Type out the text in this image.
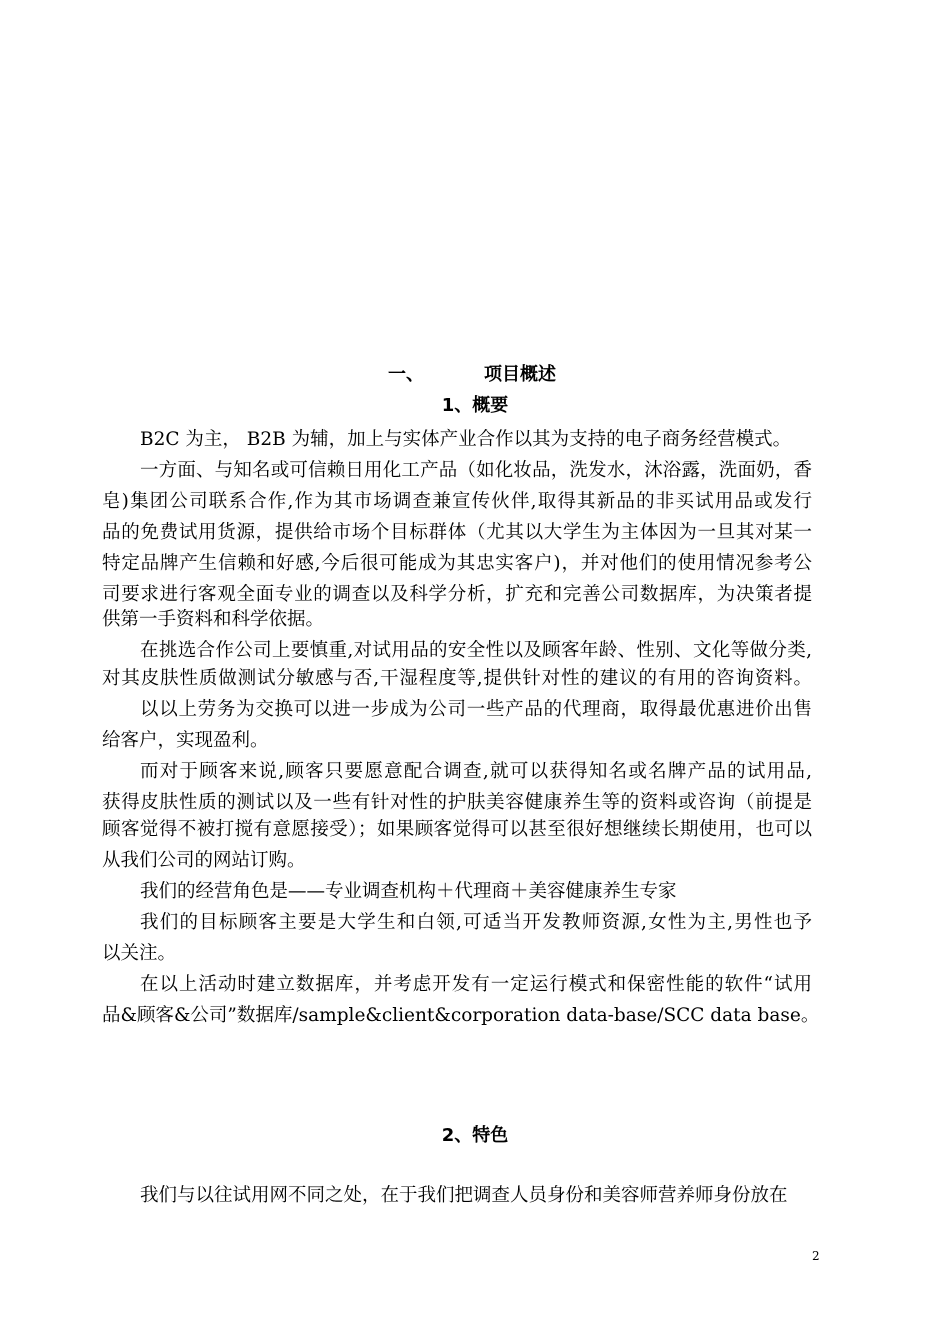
一、	项目概述
1、概要
B2C 为主， B2B 为辅，加上与实体产业合作以其为支持的电子商务经营模式。
一方面、与知名或可信赖日用化工产品（如化妆品，洗发水，沐浴露，洗面奶，香
皂)集团公司联系合作,作为其市场调查兼宣传伙伴,取得其新品的非买试用品或发行
品的免费试用货源，提供给市场个目标群体（尤其以大学生为主体因为一旦其对某一
特定品牌产生信赖和好感,今后很可能成为其忠实客户)，并对他们的使用情况参考公
司要求进行客观全面专业的调查以及科学分析，扩充和完善公司数据库，为决策者提
供第一手资料和科学依据。
在挑选合作公司上要慎重,对试用品的安全性以及顾客年龄、性别、文化等做分类,
对其皮肤性质做测试分敏感与否,干湿程度等,提供针对性的建议的有用的咨询资料。
以以上劳务为交换可以进一步成为公司一些产品的代理商，取得最优惠进价出售
给客户，实现盈利。
而对于顾客来说,顾客只要愿意配合调查,就可以获得知名或名牌产品的试用品,
获得皮肤性质的测试以及一些有针对性的护肤美容健康养生等的资料或咨询（前提是
顾客觉得不被打搅有意愿接受）；如果顾客觉得可以甚至很好想继续长期使用，也可以
从我们公司的网站订购。
我们的经营角色是——专业调查机构＋代理商＋美容健康养生专家
我们的目标顾客主要是大学生和白领,可适当开发教师资源,女性为主,男性也予
以关注。
在以上活动时建立数据库，并考虑开发有一定运行模式和保密性能的软件“试用
品&顾客&公司”数据库/sample&client&corporation data-base/SCC data base。
2、特色
我们与以往试用网不同之处，在于我们把调查人员身份和美容师营养师身份放在
2
